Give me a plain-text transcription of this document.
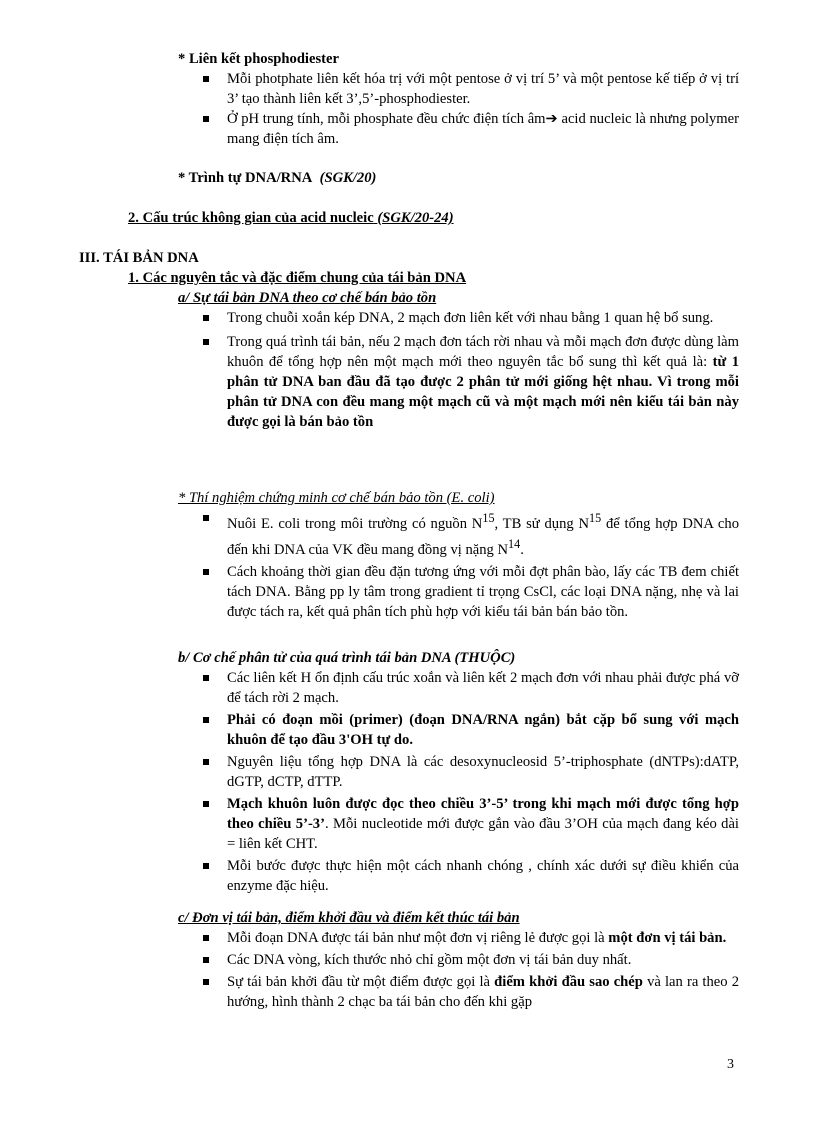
* Liên kết phosphodiester
Mỗi photphate liên kết hóa trị với một pentose ở vị trí 5’ và một pentose kế tiếp ở vị trí 3’ tạo thành liên kết 3’,5’-phosphodiester.
Ở pH trung tính, mỗi phosphate đều chức điện tích âm➔ acid nucleic là nhưng polymer mang điện tích âm.
* Trình tự DNA/RNA (SGK/20)
2. Cấu trúc không gian của acid nucleic (SGK/20-24)
III. TÁI BẢN DNA
1. Các nguyên tắc và đặc điểm chung của tái bản DNA
a/ Sự tái bản DNA theo cơ chế bán bảo tồn
Trong chuỗi xoắn kép DNA, 2 mạch đơn liên kết với nhau bằng 1 quan hệ bổ sung.
Trong quá trình tái bản, nếu 2 mạch đơn tách rời nhau và mỗi mạch đơn được dùng làm khuôn để tổng hợp nên một mạch mới theo nguyên tắc bổ sung thì kết quả là: từ 1 phân tử DNA ban đầu đã tạo được 2 phân tử mới giống hệt nhau. Vì trong mỗi phân tử DNA con đều mang một mạch cũ và một mạch mới nên kiểu tái bản này được gọi là bán bảo tồn
* Thí nghiệm chứng minh cơ chế bán bảo tồn (E. coli)
Nuôi E. coli trong môi trường có nguồn $N^{15}$, TB sử dụng $N^{15}$ để tổng hợp DNA cho đến khi DNA của VK đều mang đồng vị nặng $N^{14}$.
Cách khoảng thời gian đều đặn tương ứng với mỗi đợt phân bào, lấy các TB đem chiết tách DNA. Bằng pp ly tâm trong gradient tỉ trọng CsCl, các loại DNA nặng, nhẹ và lai được tách ra, kết quả phân tích phù hợp với kiểu tái bản bán bảo tồn.
b/ Cơ chế phân tử của quá trình tái bản DNA (THUỘC)
Các liên kết H ổn định cấu trúc xoắn và liên kết 2 mạch đơn với nhau phải được phá vỡ để tách rời 2 mạch.
Phải có đoạn mồi (primer) (đoạn DNA/RNA ngắn) bắt cặp bổ sung với mạch khuôn để tạo đầu 3'OH tự do.
Nguyên liệu tổng hợp DNA là các desoxynucleosid 5’-triphosphate (dNTPs):dATP, dGTP, dCTP, dTTP.
Mạch khuôn luôn được đọc theo chiều 3’-5’ trong khi mạch mới được tổng hợp theo chiều 5’-3’. Mỗi nucleotide mới được gắn vào đầu 3’OH của mạch đang kéo dài = liên kết CHT.
Mỗi bước được thực hiện một cách nhanh chóng , chính xác dưới sự điều khiển của enzyme đặc hiệu.
c/ Đơn vị tái bản, điểm khởi đầu và điểm kết thúc tái bản
Mỗi đoạn DNA được tái bản như một đơn vị riêng lẻ được gọi là một đơn vị tái bản.
Các DNA vòng, kích thước nhỏ chỉ gồm một đơn vị tái bản duy nhất.
Sự tái bản khởi đầu từ một điểm được gọi là điểm khởi đầu sao chép và lan ra theo 2 hướng, hình thành 2 chạc ba tái bản cho đến khi gặp
3
